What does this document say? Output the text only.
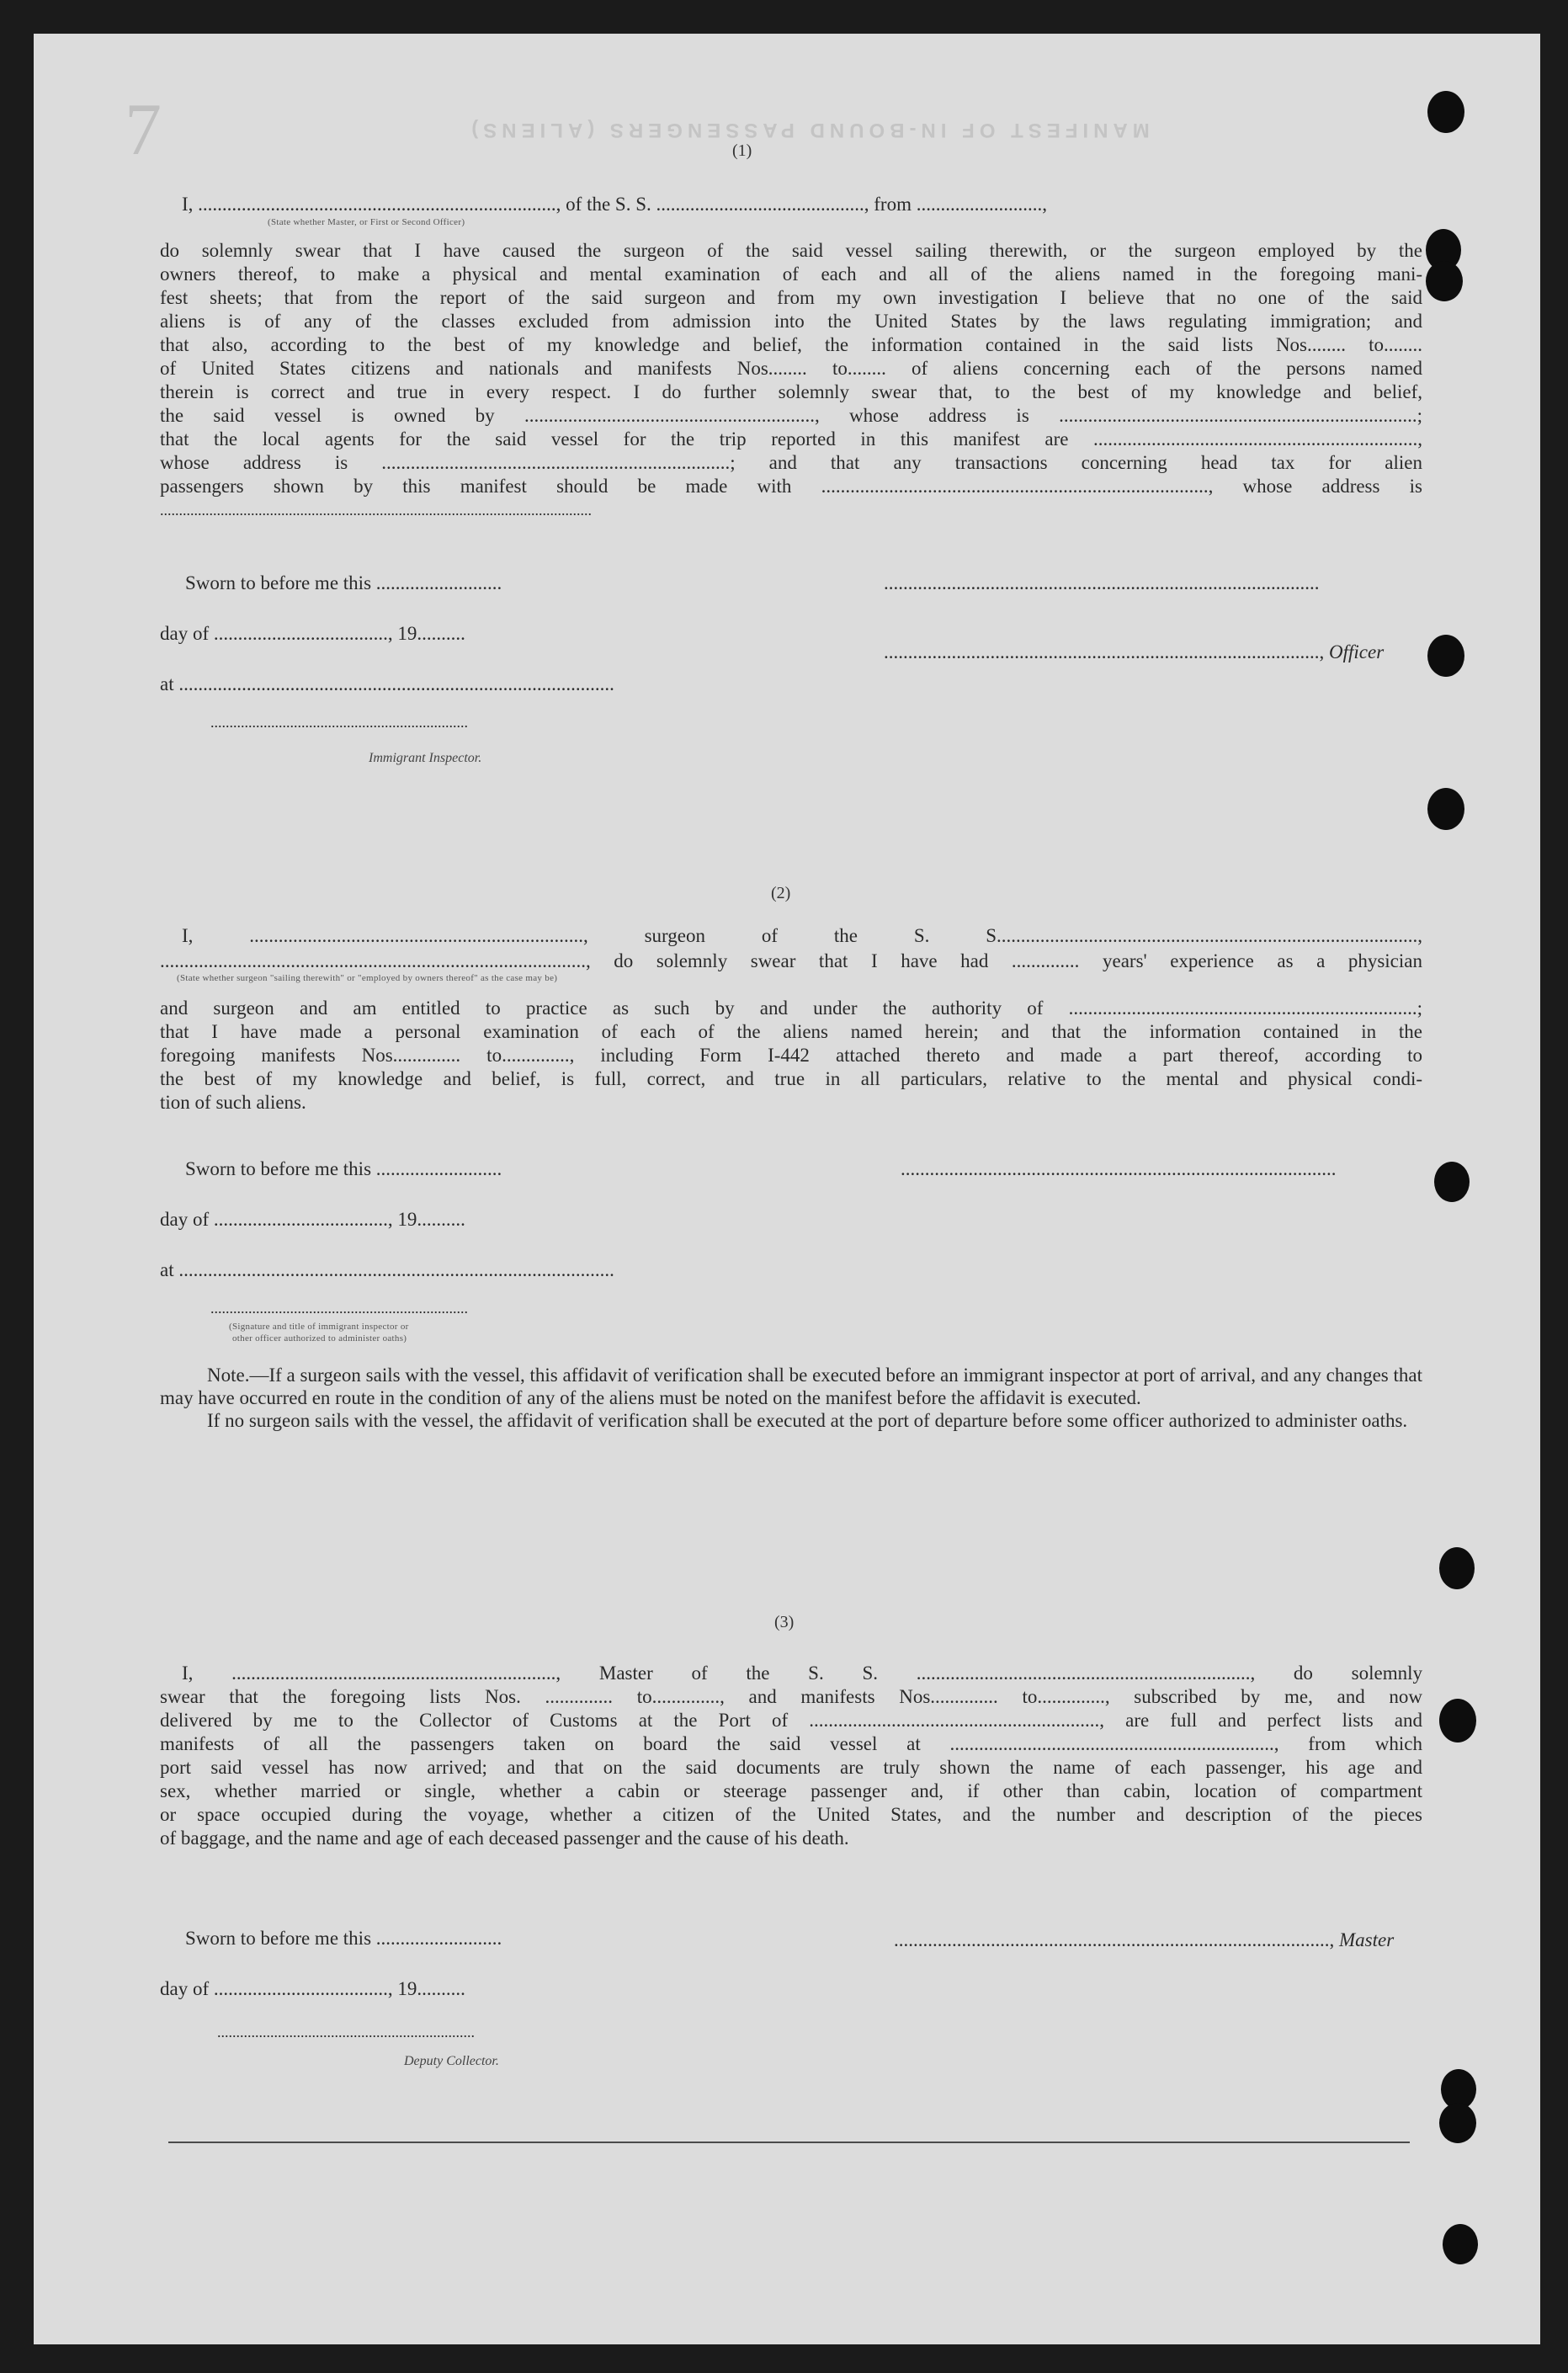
MANIFEST OF IN-BOUND PASSENGERS (ALIENS)
7	(1)
I, .........................................................................., of the S. S. ..........................................., from ..........................,
(State whether Master, or First or Second Officer)
do solemnly swear that I have caused the surgeon of the said vessel sailing therewith, or the surgeon employed by the
owners thereof, to make a physical and mental examination of each and all of the aliens named in the foregoing mani-
fest sheets; that from the report of the said surgeon and from my own investigation I believe that no one of the said
aliens is of any of the classes excluded from admission into the United States by the laws regulating immigration; and
that also, according to the best of my knowledge and belief, the information contained in the said lists Nos........ to........
of United States citizens and nationals and manifests Nos........ to........ of aliens concerning each of the persons named
therein is correct and true in every respect. I do further solemnly swear that, to the best of my knowledge and belief,
the said vessel is owned by ............................................................, whose address is ..........................................................................;
that the local agents for the said vessel for the trip reported in this manifest are ...................................................................,
whose address is ........................................................................; and that any transactions concerning head tax for alien
passengers shown by this manifest should be made with ................................................................................, whose address is
..................................................................................................................
Sworn to before me this ..........................	..........................................................................................
day of ...................................., 19..........
.........................................................................................., Officer
at ..........................................................................................
....................................................................
Immigrant Inspector.
(2)
I, ....................................................................., surgeon of the S. S.......................................................................................,
........................................................................................, do solemnly swear that I have had .............. years' experience as a physician
(State whether surgeon "sailing therewith" or "employed by owners thereof" as the case may be)
and surgeon and am entitled to practice as such by and under the authority of ........................................................................;
that I have made a personal examination of each of the aliens named herein; and that the information contained in the
foregoing manifests Nos.............. to.............., including Form I-442 attached thereto and made a part thereof, according to
the best of my knowledge and belief, is full, correct, and true in all particulars, relative to the mental and physical condi-
tion of such aliens.
Sworn to before me this ..........................	..........................................................................................
day of ...................................., 19..........
at ..........................................................................................
....................................................................
(Signature and title of immigrant inspector or
other officer authorized to administer oaths)
Note.—If a surgeon sails with the vessel, this affidavit of verification shall be executed before an immigrant inspector at port of arrival, and any changes that may have occurred en route in the condition of any of the aliens must be noted on the manifest before the affidavit is executed.
If no surgeon sails with the vessel, the affidavit of verification shall be executed at the port of departure before some officer authorized to administer oaths.
(3)
I, ..................................................................., Master of the S. S. ....................................................................., do solemnly
swear that the foregoing lists Nos. .............. to.............., and manifests Nos.............. to.............., subscribed by me, and now
delivered by me to the Collector of Customs at the Port of ............................................................, are full and perfect lists and
manifests of all the passengers taken on board the said vessel at ..................................................................., from which
port said vessel has now arrived; and that on the said documents are truly shown the name of each passenger, his age and
sex, whether married or single, whether a cabin or steerage passenger and, if other than cabin, location of compartment
or space occupied during the voyage, whether a citizen of the United States, and the number and description of the pieces
of baggage, and the name and age of each deceased passenger and the cause of his death.
Sworn to before me this ..........................	.........................................................................................., Master
day of ...................................., 19..........
....................................................................
Deputy Collector.
